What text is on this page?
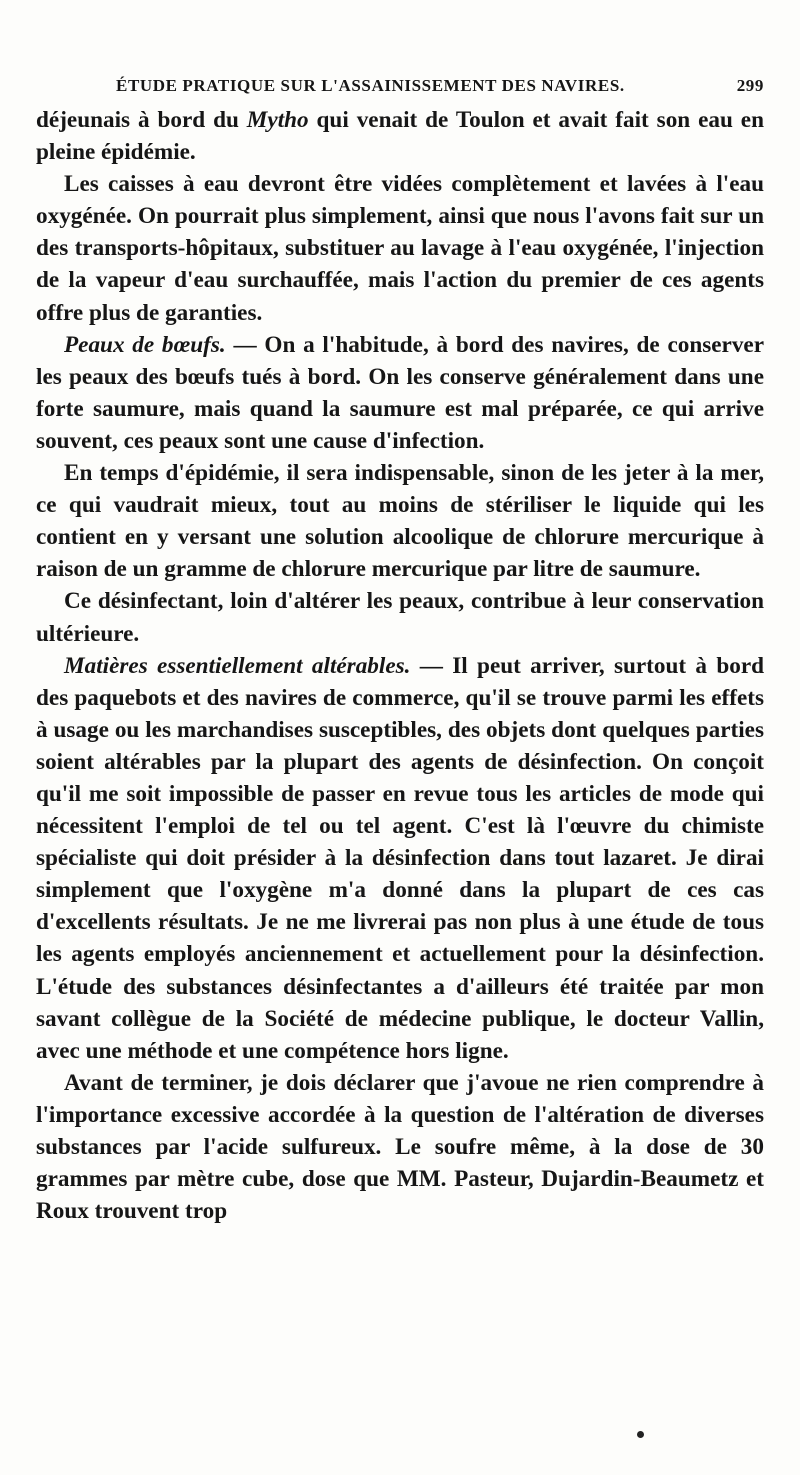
ÉTUDE PRATIQUE SUR L'ASSAINISSEMENT DES NAVIRES.	299

déjeunais à bord du Mytho qui venait de Toulon et avait fait son eau en pleine épidémie.

Les caisses à eau devront être vidées complètement et lavées à l'eau oxygénée. On pourrait plus simplement, ainsi que nous l'avons fait sur un des transports-hôpitaux, substituer au lavage à l'eau oxygénée, l'injection de la vapeur d'eau surchauffée, mais l'action du premier de ces agents offre plus de garanties.

Peaux de bœufs. — On a l'habitude, à bord des navires, de conserver les peaux des bœufs tués à bord. On les conserve généralement dans une forte saumure, mais quand la saumure est mal préparée, ce qui arrive souvent, ces peaux sont une cause d'infection.

En temps d'épidémie, il sera indispensable, sinon de les jeter à la mer, ce qui vaudrait mieux, tout au moins de stériliser le liquide qui les contient en y versant une solution alcoolique de chlorure mercurique à raison de un gramme de chlorure mercurique par litre de saumure.

Ce désinfectant, loin d'altérer les peaux, contribue à leur conservation ultérieure.

Matières essentiellement altérables. — Il peut arriver, surtout à bord des paquebots et des navires de commerce, qu'il se trouve parmi les effets à usage ou les marchandises susceptibles, des objets dont quelques parties soient altérables par la plupart des agents de désinfection. On conçoit qu'il me soit impossible de passer en revue tous les articles de mode qui nécessitent l'emploi de tel ou tel agent. C'est là l'œuvre du chimiste spécialiste qui doit présider à la désinfection dans tout lazaret. Je dirai simplement que l'oxygène m'a donné dans la plupart de ces cas d'excellents résultats. Je ne me livrerai pas non plus à une étude de tous les agents employés anciennement et actuellement pour la désinfection. L'étude des substances désinfectantes a d'ailleurs été traitée par mon savant collègue de la Société de médecine publique, le docteur Vallin, avec une méthode et une compétence hors ligne.

Avant de terminer, je dois déclarer que j'avoue ne rien comprendre à l'importance excessive accordée à la question de l'altération de diverses substances par l'acide sulfureux. Le soufre même, à la dose de 30 grammes par mètre cube, dose que MM. Pasteur, Dujardin-Beaumetz et Roux trouvent trop
